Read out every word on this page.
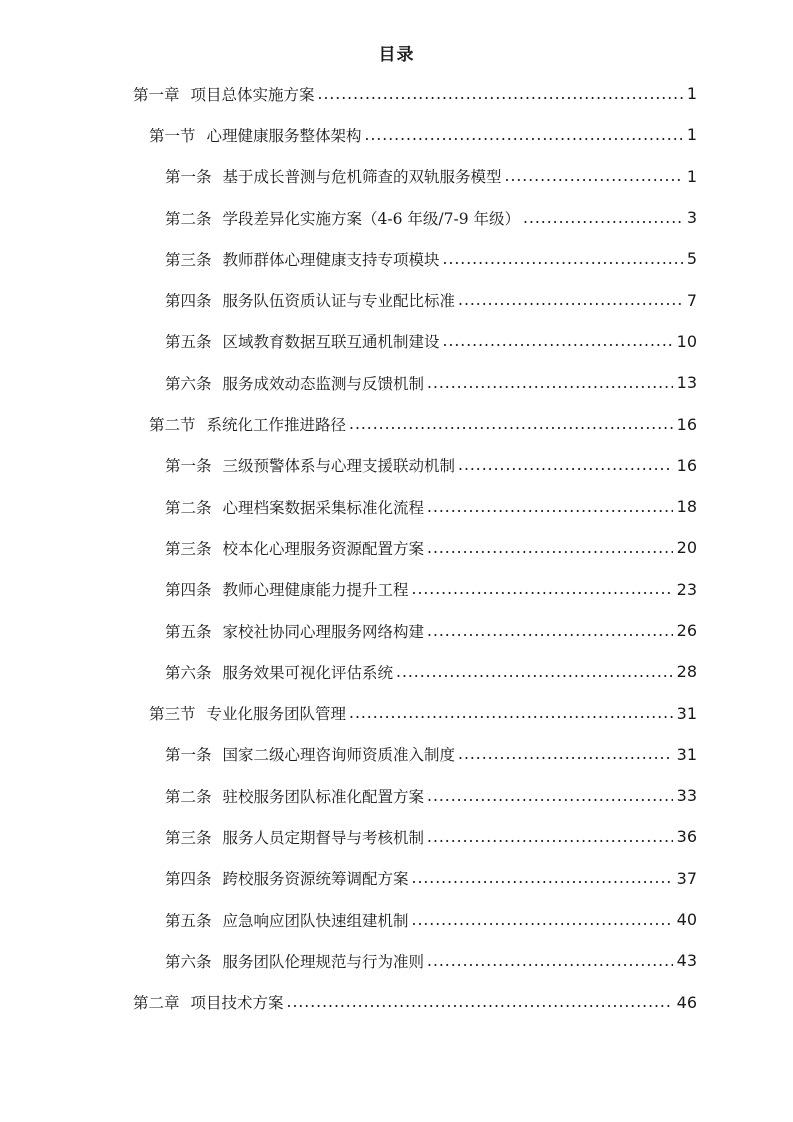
目录
第一章 项目总体实施方案 .....	1
第一节 心理健康服务整体架构 .....	1
第一条 基于成长普测与危机筛查的双轨服务模型 .....	1
第二条 学段差异化实施方案（4-6 年级/7-9 年级） .....	3
第三条 教师群体心理健康支持专项模块 .....	5
第四条 服务队伍资质认证与专业配比标准 .....	7
第五条 区域教育数据互联互通机制建设 .....	10
第六条 服务成效动态监测与反馈机制 .....	13
第二节 系统化工作推进路径 .....	16
第一条 三级预警体系与心理支援联动机制 .....	16
第二条 心理档案数据采集标准化流程 .....	18
第三条 校本化心理服务资源配置方案 .....	20
第四条 教师心理健康能力提升工程 .....	23
第五条 家校社协同心理服务网络构建 .....	26
第六条 服务效果可视化评估系统 .....	28
第三节 专业化服务团队管理 .....	31
第一条 国家二级心理咨询师资质准入制度 .....	31
第二条 驻校服务团队标准化配置方案 .....	33
第三条 服务人员定期督导与考核机制 .....	36
第四条 跨校服务资源统筹调配方案 .....	37
第五条 应急响应团队快速组建机制 .....	40
第六条 服务团队伦理规范与行为准则 .....	43
第二章 项目技术方案 .....	46
